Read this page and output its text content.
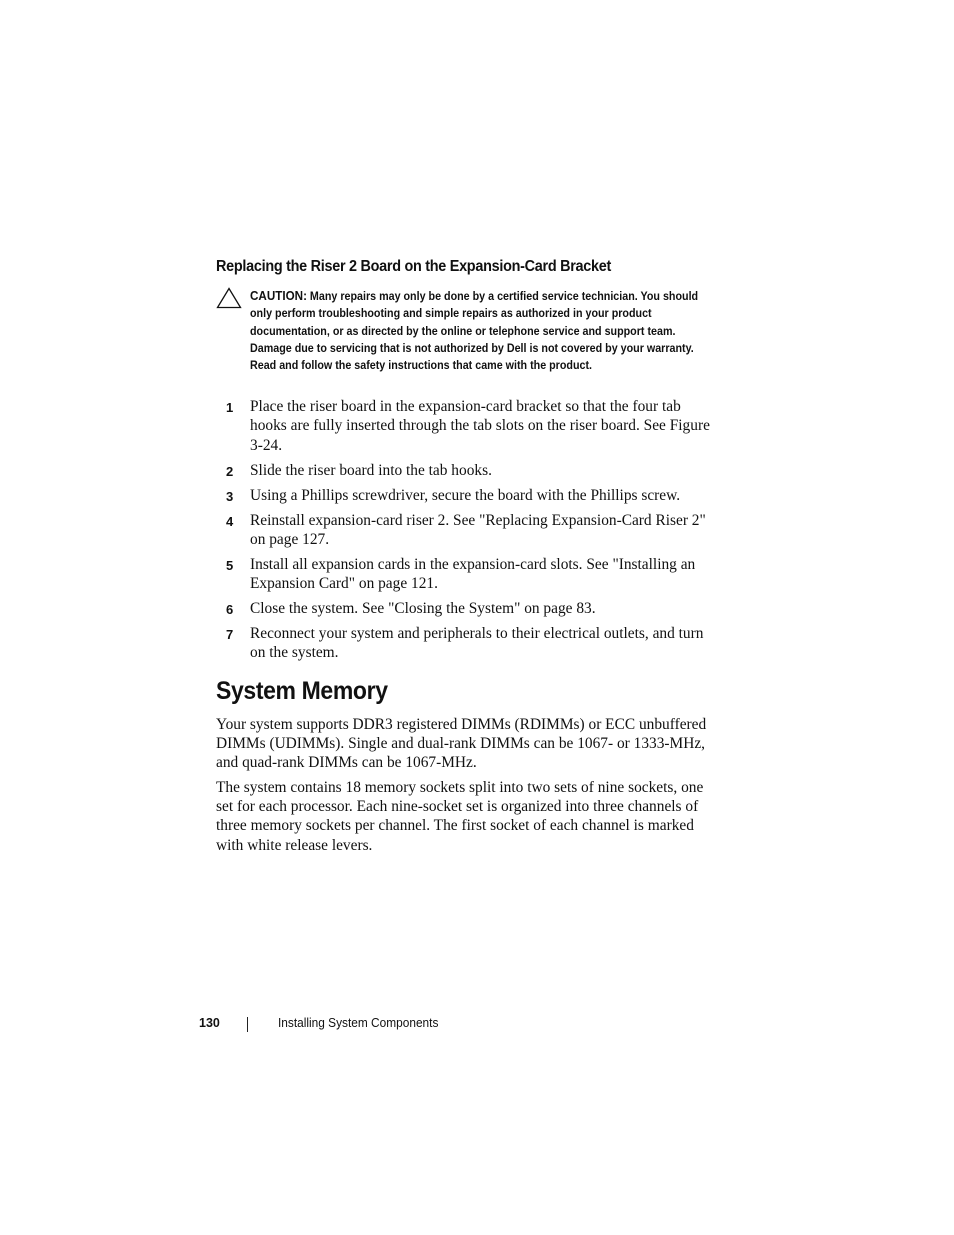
Replacing the Riser 2 Board on the Expansion-Card Bracket
CAUTION: Many repairs may only be done by a certified service technician. You should only perform troubleshooting and simple repairs as authorized in your product documentation, or as directed by the online or telephone service and support team. Damage due to servicing that is not authorized by Dell is not covered by your warranty. Read and follow the safety instructions that came with the product.
1 Place the riser board in the expansion-card bracket so that the four tab hooks are fully inserted through the tab slots on the riser board. See Figure 3-24.
2 Slide the riser board into the tab hooks.
3 Using a Phillips screwdriver, secure the board with the Phillips screw.
4 Reinstall expansion-card riser 2. See "Replacing Expansion-Card Riser 2" on page 127.
5 Install all expansion cards in the expansion-card slots. See "Installing an Expansion Card" on page 121.
6 Close the system. See "Closing the System" on page 83.
7 Reconnect your system and peripherals to their electrical outlets, and turn on the system.
System Memory

Your system supports DDR3 registered DIMMs (RDIMMs) or ECC unbuffered DIMMs (UDIMMs). Single and dual-rank DIMMs can be 1067- or 1333-MHz, and quad-rank DIMMs can be 1067-MHz.

The system contains 18 memory sockets split into two sets of nine sockets, one set for each processor. Each nine-socket set is organized into three channels of three memory sockets per channel. The first socket of each channel is marked with white release levers.

130	Installing System Components
